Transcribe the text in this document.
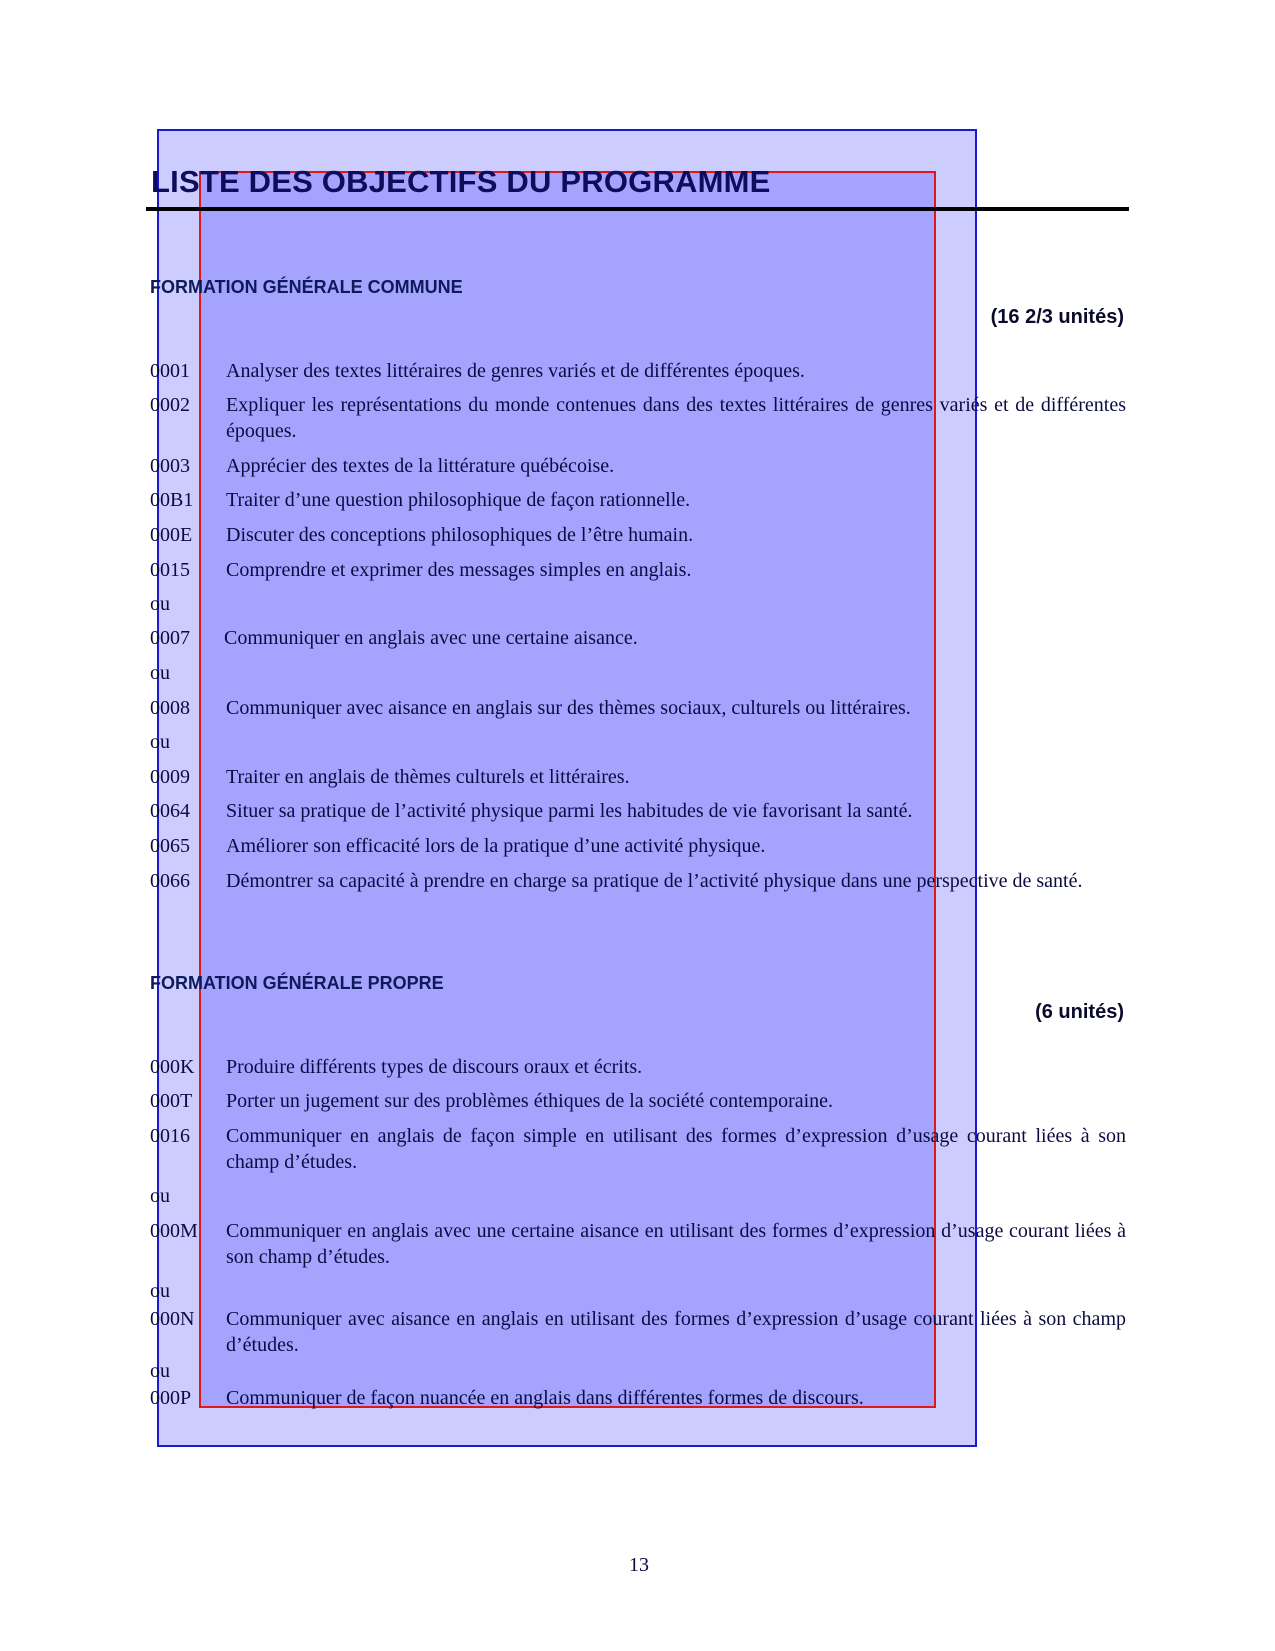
LISTE DES OBJECTIFS DU PROGRAMME
FORMATION GÉNÉRALE COMMUNE
(16 2/3 unités)
0001 Analyser des textes littéraires de genres variés et de différentes époques.
0002 Expliquer les représentations du monde contenues dans des textes littéraires de genres variés et de différentes époques.
0003 Apprécier des textes de la littérature québécoise.
00B1 Traiter d’une question philosophique de façon rationnelle.
000E Discuter des conceptions philosophiques de l’être humain.
0015 Comprendre et exprimer des messages simples en anglais.
ou
0007 Communiquer en anglais avec une certaine aisance.
ou
0008 Communiquer avec aisance en anglais sur des thèmes sociaux, culturels ou littéraires.
ou
0009 Traiter en anglais de thèmes culturels et littéraires.
0064 Situer sa pratique de l’activité physique parmi les habitudes de vie favorisant la santé.
0065 Améliorer son efficacité lors de la pratique d’une activité physique.
0066 Démontrer sa capacité à prendre en charge sa pratique de l’activité physique dans une perspective de santé.
FORMATION GÉNÉRALE PROPRE
(6 unités)
000K Produire différents types de discours oraux et écrits.
000T Porter un jugement sur des problèmes éthiques de la société contemporaine.
0016 Communiquer en anglais de façon simple en utilisant des formes d’expression d’usage courant liées à son champ d’études.
ou
000M Communiquer en anglais avec une certaine aisance en utilisant des formes d’expression d’usage courant liées à son champ d’études.
ou
000N Communiquer avec aisance en anglais en utilisant des formes d’expression d’usage courant liées à son champ d’études.
ou
000P Communiquer de façon nuancée en anglais dans différentes formes de discours.
13
